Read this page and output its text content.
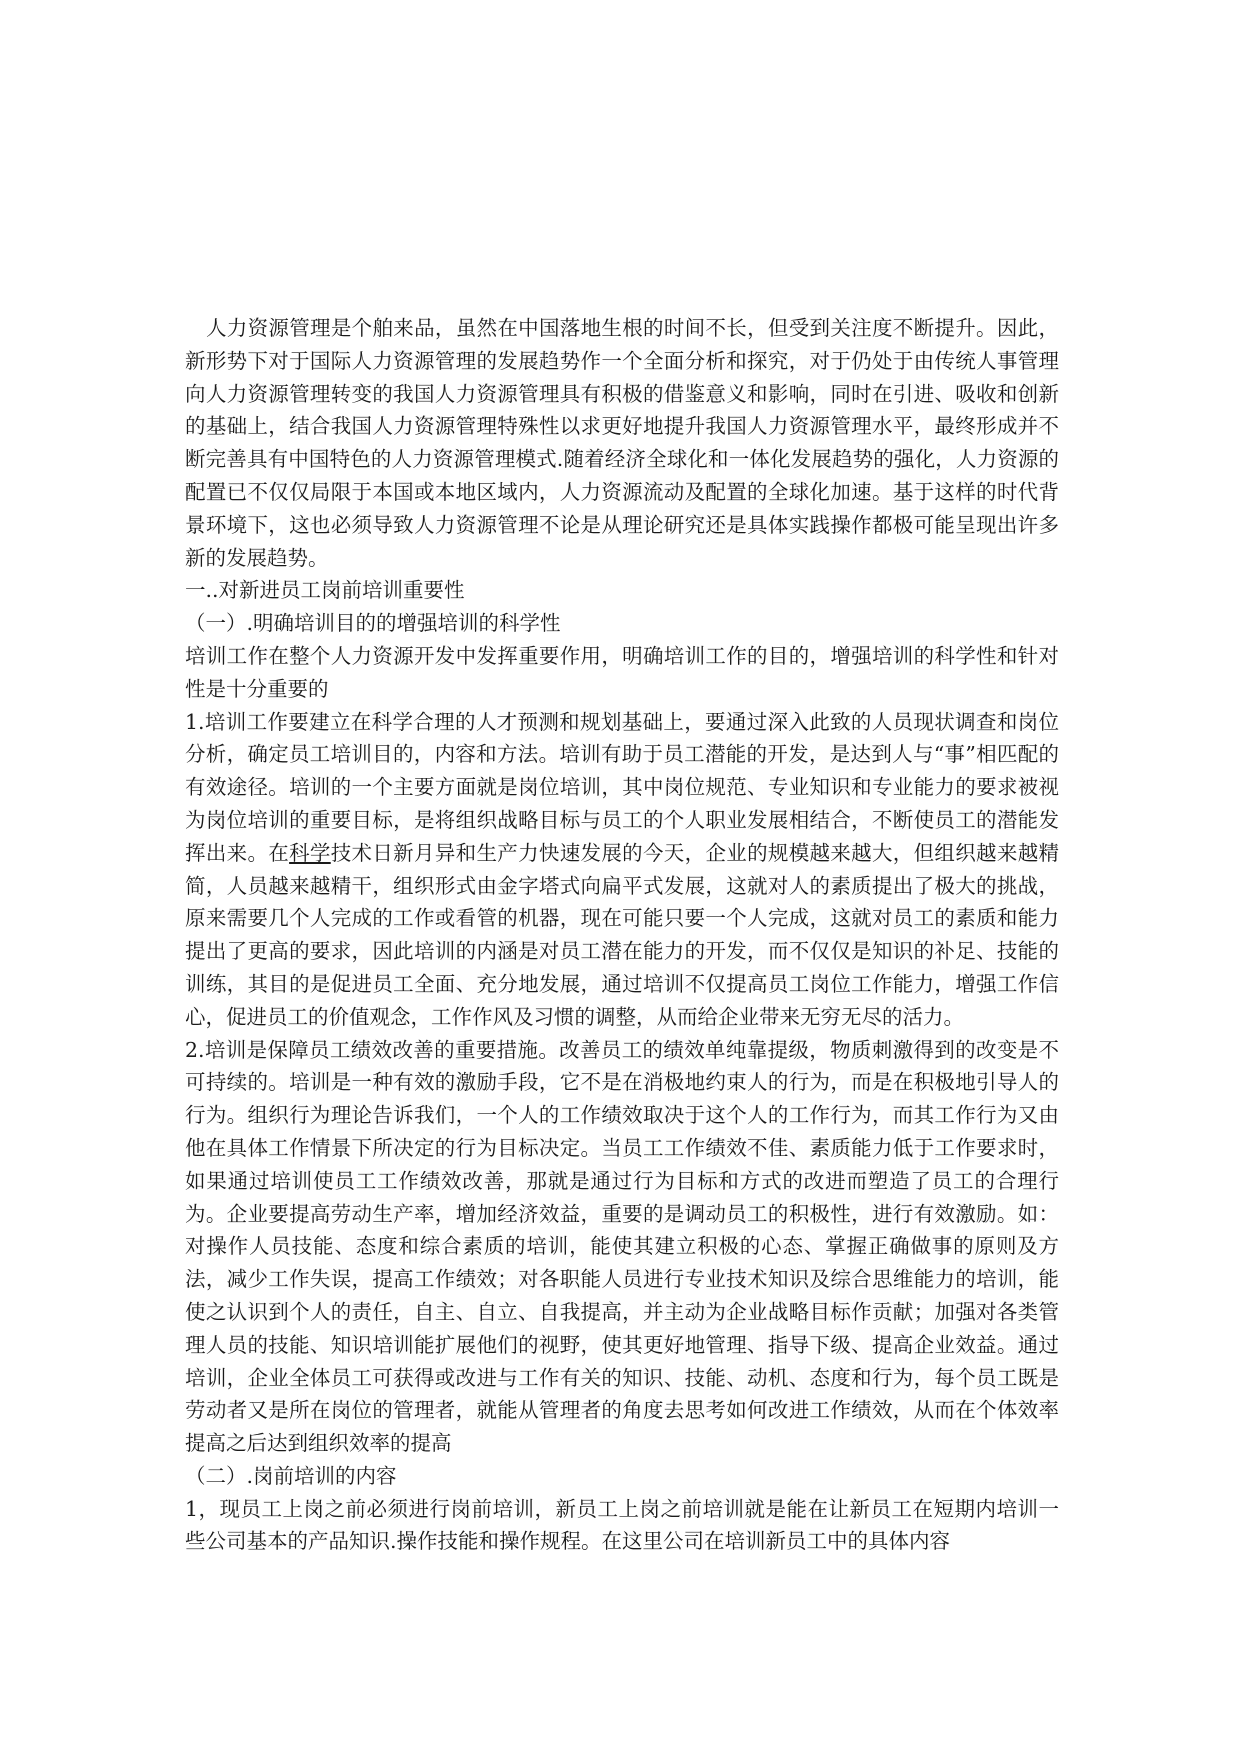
人力资源管理是个舶来品，虽然在中国落地生根的时间不长，但受到关注度不断提升。因此，新形势下对于国际人力资源管理的发展趋势作一个全面分析和探究，对于仍处于由传统人事管理向人力资源管理转变的我国人力资源管理具有积极的借鉴意义和影响，同时在引进、吸收和创新的基础上，结合我国人力资源管理特殊性以求更好地提升我国人力资源管理水平，最终形成并不断完善具有中国特色的人力资源管理模式.随着经济全球化和一体化发展趋势的强化，人力资源的配置已不仅仅局限于本国或本地区域内，人力资源流动及配置的全球化加速。基于这样的时代背景环境下，这也必须导致人力资源管理不论是从理论研究还是具体实践操作都极可能呈现出许多新的发展趋势。

一..对新进员工岗前培训重要性

（一）.明确培训目的的增强培训的科学性

培训工作在整个人力资源开发中发挥重要作用，明确培训工作的目的，增强培训的科学性和针对性是十分重要的

1.培训工作要建立在科学合理的人才预测和规划基础上，要通过深入此致的人员现状调查和岗位分析，确定员工培训目的，内容和方法。培训有助于员工潜能的开发，是达到人与“事”相匹配的有效途径。培训的一个主要方面就是岗位培训，其中岗位规范、专业知识和专业能力的要求被视为岗位培训的重要目标，是将组织战略目标与员工的个人职业发展相结合，不断使员工的潜能发挥出来。在科学技术日新月异和生产力快速发展的今天，企业的规模越来越大，但组织越来越精简，人员越来越精干，组织形式由金字塔式向扁平式发展，这就对人的素质提出了极大的挑战，原来需要几个人完成的工作或看管的机器，现在可能只要一个人完成，这就对员工的素质和能力提出了更高的要求，因此培训的内涵是对员工潜在能力的开发，而不仅仅是知识的补足、技能的训练，其目的是促进员工全面、充分地发展，通过培训不仅提高员工岗位工作能力，增强工作信心，促进员工的价值观念，工作作风及习惯的调整，从而给企业带来无穷无尽的活力。

2.培训是保障员工绩效改善的重要措施。改善员工的绩效单纯靠提级，物质刺激得到的改变是不可持续的。培训是一种有效的激励手段，它不是在消极地约束人的行为，而是在积极地引导人的行为。组织行为理论告诉我们，一个人的工作绩效取决于这个人的工作行为，而其工作行为又由他在具体工作情景下所决定的行为目标决定。当员工工作绩效不佳、素质能力低于工作要求时，如果通过培训使员工工作绩效改善，那就是通过行为目标和方式的改进而塑造了员工的合理行为。企业要提高劳动生产率，增加经济效益，重要的是调动员工的积极性，进行有效激励。如：对操作人员技能、态度和综合素质的培训，能使其建立积极的心态、掌握正确做事的原则及方法，减少工作失误，提高工作绩效；对各职能人员进行专业技术知识及综合思维能力的培训，能使之认识到个人的责任，自主、自立、自我提高，并主动为企业战略目标作贡献；加强对各类管理人员的技能、知识培训能扩展他们的视野，使其更好地管理、指导下级、提高企业效益。通过培训，企业全体员工可获得或改进与工作有关的知识、技能、动机、态度和行为，每个员工既是劳动者又是所在岗位的管理者，就能从管理者的角度去思考如何改进工作绩效，从而在个体效率提高之后达到组织效率的提高

（二）.岗前培训的内容

1，现员工上岗之前必须进行岗前培训，新员工上岗之前培训就是能在让新员工在短期内培训一些公司基本的产品知识.操作技能和操作规程。在这里公司在培训新员工中的具体内容
